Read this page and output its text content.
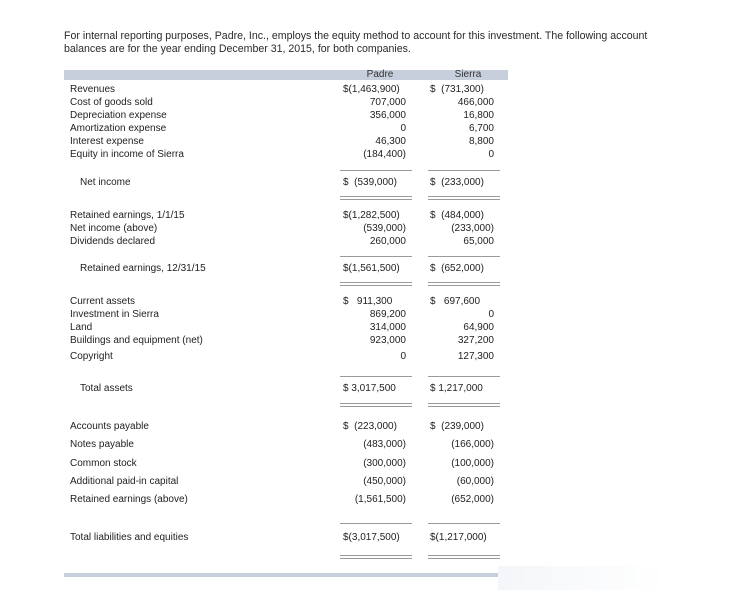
For internal reporting purposes, Padre, Inc., employs the equity method to account for this investment. The following account balances are for the year ending December 31, 2015, for both companies.
Padre	Sierra
Revenues	$(1,463,900)	$  (731,300)
Cost of goods sold	707,000	466,000
Depreciation expense	356,000	16,800
Amortization expense	0	6,700
Interest expense	46,300	8,800
Equity in income of Sierra	(184,400)	0
Net income	$  (539,000)	$  (233,000)
Retained earnings, 1/1/15	$(1,282,500)	$  (484,000)
Net income (above)	(539,000)	(233,000)
Dividends declared	260,000	65,000
Retained earnings, 12/31/15	$(1,561,500)	$  (652,000)
Current assets	$   911,300	$   697,600
Investment in Sierra	869,200	0
Land	314,000	64,900
Buildings and equipment (net)	923,000	327,200
Copyright	0	127,300
Total assets	$ 3,017,500	$ 1,217,000
Accounts payable	$  (223,000)	$  (239,000)
Notes payable	(483,000)	(166,000)
Common stock	(300,000)	(100,000)
Additional paid-in capital	(450,000)	(60,000)
Retained earnings (above)	(1,561,500)	(652,000)
Total liabilities and equities	$(3,017,500)	$(1,217,000)
